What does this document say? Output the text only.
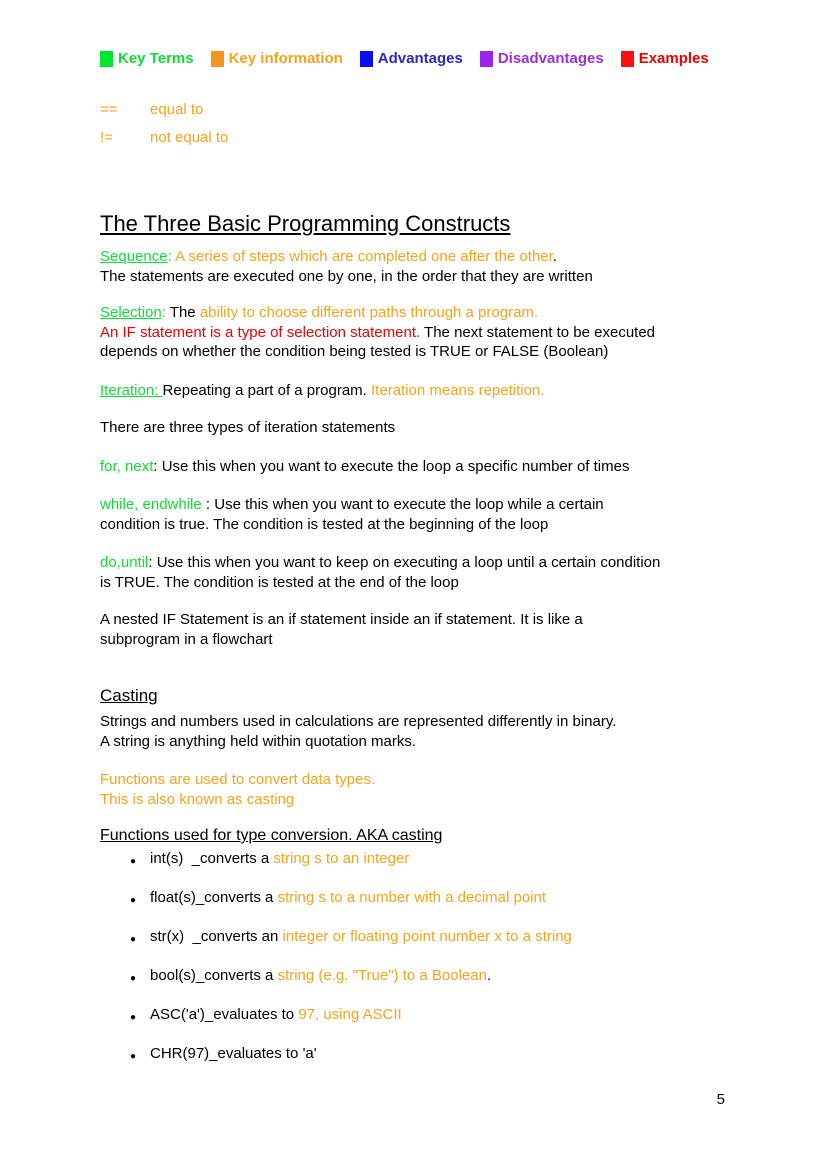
Key Terms Key information Advantages Disadvantages Examples
==	equal to
!=	not equal to
The Three Basic Programming Constructs
Sequence: A series of steps which are completed one after the other.
The statements are executed one by one, in the order that they are written
Selection: The ability to choose different paths through a program.
An IF statement is a type of selection statement. The next statement to be executed
depends on whether the condition being tested is TRUE or FALSE (Boolean)
Iteration: Repeating a part of a program. Iteration means repetition.
There are three types of iteration statements
for, next: Use this when you want to execute the loop a specific number of times
while, endwhile : Use this when you want to execute the loop while a certain
condition is true. The condition is tested at the beginning of the loop
do,until: Use this when you want to keep on executing a loop until a certain condition
is TRUE. The condition is tested at the end of the loop
A nested IF Statement is an if statement inside an if statement. It is like a
subprogram in a flowchart
Casting
Strings and numbers used in calculations are represented differently in binary.
A string is anything held within quotation marks.
Functions are used to convert data types.
This is also known as casting
Functions used for type conversion. AKA casting
● int(s)  _converts a string s to an integer
● float(s)_converts a string s to a number with a decimal point
● str(x)  _converts an integer or floating point number x to a string
● bool(s)_converts a string (e.g. "True") to a Boolean.
● ASC('a')_evaluates to 97, using ASCII
● CHR(97)_evaluates to 'a'
5
